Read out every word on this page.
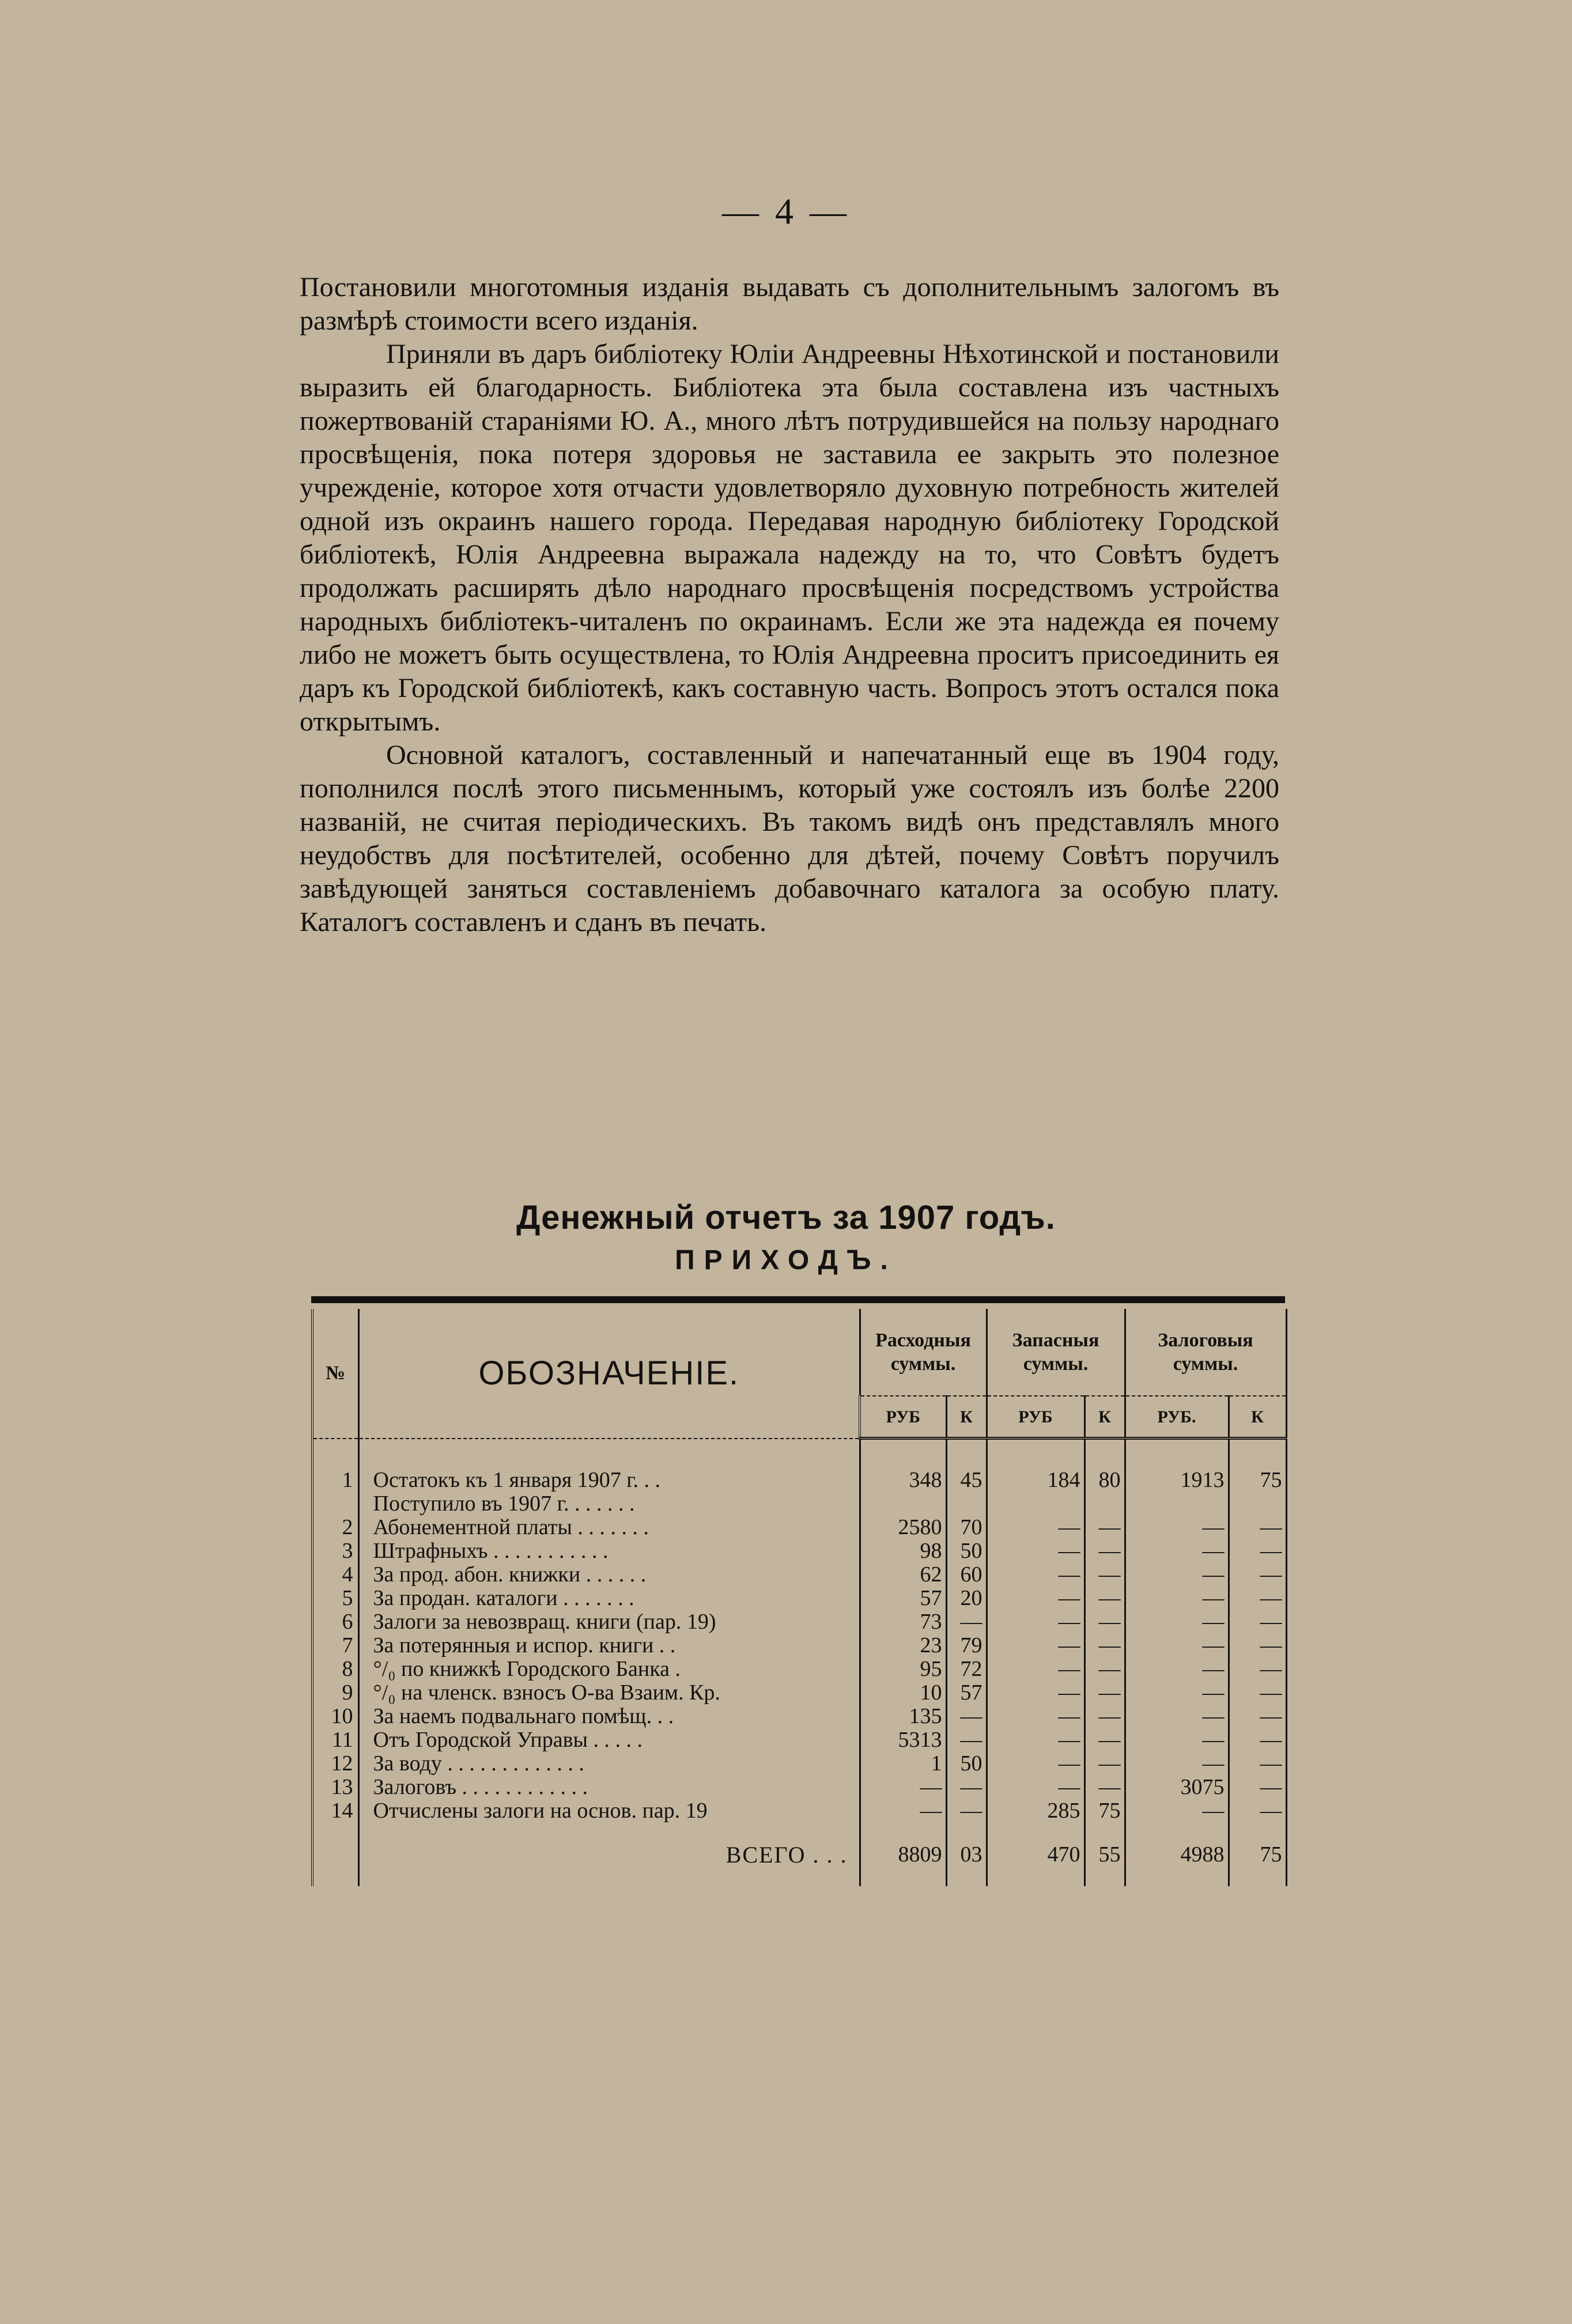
— 4 —

Постановили многотомныя изданія выдавать съ дополнительнымъ залогомъ въ размѣрѣ стоимости всего изданія.

Приняли въ даръ библіотеку Юліи Андреевны Нѣхотинской и постановили выразить ей благодарность. Библіотека эта была составлена изъ частныхъ пожертвованій стараніями Ю. А., много лѣтъ потрудившейся на пользу народнаго просвѣщенія, пока потеря здоровья не заставила ее закрыть это полезное учрежденіе, которое хотя отчасти удовлетворяло духовную потребность жителей одной изъ окраинъ нашего города. Передавая народную библіотеку Городской библіотекѣ, Юлія Андреевна выражала надежду на то, что Совѣтъ будетъ продолжать расширять дѣло народнаго просвѣщенія посредствомъ устройства народныхъ библіотекъ-читаленъ по окраинамъ. Если же эта надежда ея почему либо не можетъ быть осуществлена, то Юлія Андреевна проситъ присоединить ея даръ къ Городской библіотекѣ, какъ составную часть. Вопросъ этотъ остался пока открытымъ.

Основной каталогъ, составленный и напечатанный еще въ 1904 году, пополнился послѣ этого письменнымъ, который уже состоялъ изъ болѣе 2200 названій, не считая періодическихъ. Въ такомъ видѣ онъ представлялъ много неудобствъ для посѣтителей, особенно для дѣтей, почему Совѣтъ поручилъ завѣдующей заняться составленіемъ добавочнаго каталога за особую плату. Каталогъ составленъ и сданъ въ печать.

Денежный отчетъ за 1907 годъ.
ПРИХОДЪ.
№	ОБОЗНАЧЕНІЕ.	Расходныя суммы.		Запасныя суммы.		Залоговыя суммы.	
		РУБ	К	РУБ	К	РУБ.	К

1	Остатокъ къ 1 января 1907 г. . .	348	45	184	80	1913	75
	Поступило въ 1907 г. . . . . . .						
2	Абонементной платы . . . . . . .	2580	70	—	—	—	—
3	Штрафныхъ . . . . . . . . . . .	98	50	—	—	—	—
4	За прод. абон. книжки . . . . . .	62	60	—	—	—	—
5	За продан. каталоги . . . . . . .	57	20	—	—	—	—
6	Залоги за невозвращ. книги (пар. 19)	73	—	—	—	—	—
7	За потерянныя и испор. книги . .	23	79	—	—	—	—
8	°/₀ по книжкѣ Городского Банка .	95	72	—	—	—	—
9	°/₀ на членск. взносъ О-ва Взаим. Кр.	10	57	—	—	—	—
10	За наемъ подвальнаго помѣщ. . .	135	—	—	—	—	—
11	Отъ Городской Управы . . . . .	5313	—	—	—	—	—
12	За воду . . . . . . . . . . . . .	1	50	—	—	—	—
13	Залоговъ . . . . . . . . . . . .	—	—	—	—	3075	—
14	Отчислены залоги на основ. пар. 19	—	—	285	75	—	—
	ВСЕГО . . .	8809	03	470	55	4988	75
